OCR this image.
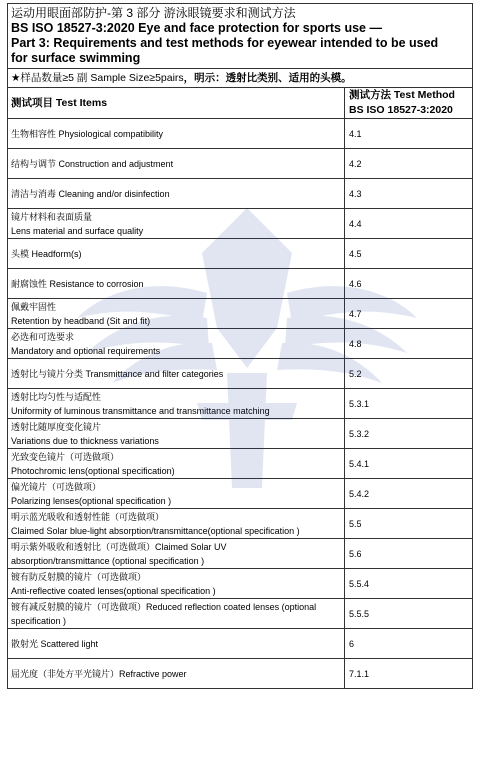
运动用眼面部防护-第 3 部分 游泳眼镜要求和测试方法
BS ISO 18527-3:2020 Eye and face protection for sports use —
Part 3: Requirements and test methods for eyewear intended to be used
for surface swimming	

★样品数量≥5 副 Sample Size≥5pairs，明示：透射比类别、适用的头模。	
测试项目 Test Items	测试方法 Test Method
BS ISO 18527-3:2020

生物相容性 Physiological compatibility	4.1

结构与调节 Construction and adjustment	4.2

清洁与消毒 Cleaning and/or disinfection	4.3

镜片材料和表面质量
Lens material and surface quality	4.4

头模 Headform(s)	4.5

耐腐蚀性 Resistance to corrosion	4.6

佩戴牢固性
Retention by headband (Sit and fit)	4.7

必选和可选要求
Mandatory and optional requirements	4.8

透射比与镜片分类 Transmittance and filter categories	5.2

透射比均匀性与适配性
Uniformity of luminous transmittance and transmittance matching	5.3.1

透射比随厚度变化镜片
Variations due to thickness variations	5.3.2

光致变色镜片（可选做项）
Photochromic lens(optional specification)	5.4.1

偏光镜片（可选做项）
Polarizing lenses(optional specification )	5.4.2

明示蓝光吸收和透射性能（可选做项）
Claimed Solar blue-light absorption/transmittance(optional specification )	5.5

明示紫外吸收和透射比（可选做项）Claimed Solar UV
absorption/transmittance (optional specification )	5.6

镀有防反射膜的镜片（可选做项）
Anti-reflective coated lenses(optional specification )	5.5.4

镀有减反射膜的镜片（可选做项）Reduced reflection coated lenses (optional
specification )	5.5.5

散射光 Scattered light	6

屈光度（非处方平光镜片）Refractive power	7.1.1
